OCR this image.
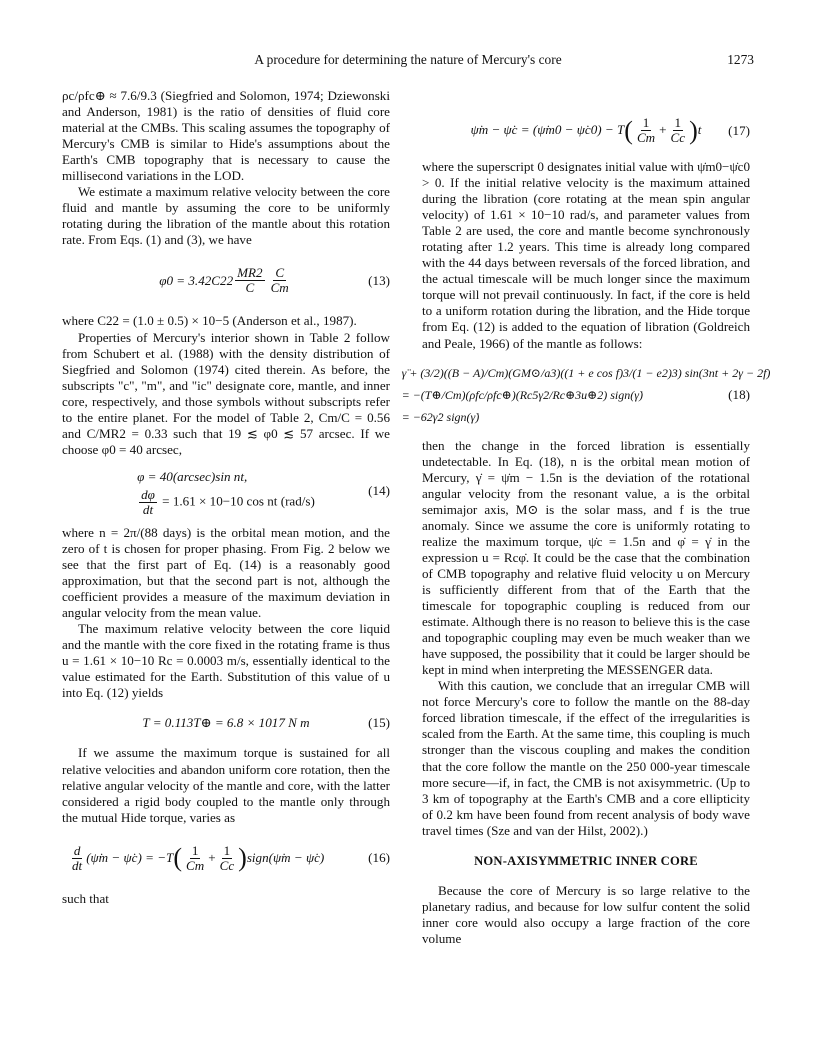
A procedure for determining the nature of Mercury's core	1273

ρc/ρfc⊕ ≈ 7.6/9.3 (Siegfried and Solomon, 1974; Dziewonski and Anderson, 1981) is the ratio of densities of fluid core material at the CMBs. This scaling assumes the topography of Mercury's CMB is similar to Hide's assumptions about the Earth's CMB topography that is necessary to cause the millisecond variations in the LOD.

We estimate a maximum relative velocity between the core fluid and mantle by assuming the core to be uniformly rotating during the libration of the mantle about this rotation rate. From Eqs. (1) and (3), we have

$\varphi 0 = 3.42C22 \frac{MR2}{C} \frac{C}{Cm}$	(13)

where C22 = (1.0 ± 0.5) × 10−5 (Anderson et al., 1987).

Properties of Mercury's interior shown in Table 2 follow from Schubert et al. (1988) with the density distribution of Siegfried and Solomon (1974) cited therein. As before, the subscripts "c", "m", and "ic" designate core, mantle, and inner core, respectively, and those symbols without subscripts refer to the entire planet. For the model of Table 2, Cm/C = 0.56 and C/MR2 = 0.33 such that 19 ≲ φ0 ≲ 57 arcsec. If we choose φ0 = 40 arcsec,

φ = 40(arcsec)sin nt,
$\frac{d\varphi}{dt} = 1.61 \times 10-10$ cos nt (rad/s)
(14)

where n = 2π/(88 days) is the orbital mean motion, and the zero of t is chosen for proper phasing. From Fig. 2 below we see that the first part of Eq. (14) is a reasonably good approximation, but that the second part is not, although the coefficient provides a measure of the maximum deviation in angular velocity from the mean value.

The maximum relative velocity between the core liquid and the mantle with the core fixed in the rotating frame is thus u = 1.61 × 10−10 Rc = 0.0003 m/s, essentially identical to the value estimated for the Earth. Substitution of this value of u into Eq. (12) yields

T = 0.113T⊕ = 6.8 × 1017 N m	(15)

If we assume the maximum torque is sustained for all relative velocities and abandon uniform core rotation, then the relative angular velocity of the mantle and core, with the latter considered a rigid body coupled to the mantle only through the mutual Hide torque, varies as

$\frac{d}{dt}$ (ψ̇m − ψ̇c) = −T ( $\frac{1}{Cm} + \frac{1}{Cc}$ ) sign(ψ̇m − ψ̇c)	(16)

such that

ψ̇m − ψ̇c = (ψ̇m0 − ψ̇c0) − T ( $\frac{1}{Cm} + \frac{1}{Cc}$ ) t (17)

where the superscript 0 designates initial value with ψ̇m0−ψ̇c0 > 0. If the initial relative velocity is the maximum attained during the libration (core rotating at the mean spin angular velocity) of 1.61 × 10−10 rad/s, and parameter values from Table 2 are used, the core and mantle become synchronously rotating after 1.2 years. This time is already long compared with the 44 days between reversals of the forced libration, and the actual timescale will be much longer since the maximum torque will not prevail continuously. In fact, if the core is held to a uniform rotation during the libration, and the Hide torque from Eq. (12) is added to the equation of libration (Goldreich and Peale, 1966) of the mantle as follows:

γ̈ + (3/2)((B − A)/Cm)(GM⊙/a3)((1 + e cos f)3/(1 − e2)3) sin(3nt + 2γ − 2f)
= −(T⊕/Cm)(ρfc/ρfc⊕)(Rc5γ̇2/Rc⊕3u⊕2) sign(γ̇)
= −62γ̇2 sign(γ̇)
(18)

then the change in the forced libration is essentially undetectable. In Eq. (18), n is the orbital mean motion of Mercury, γ̇ = ψ̇m − 1.5n is the deviation of the rotational angular velocity from the resonant value, a is the orbital semimajor axis, M⊙ is the solar mass, and f is the true anomaly. Since we assume the core is uniformly rotating to realize the maximum torque, ψ̇c = 1.5n and φ̇ = γ̇ in the expression u = Rcφ̇. It could be the case that the combination of CMB topography and relative fluid velocity u on Mercury is sufficiently different from that of the Earth that the timescale for topographic coupling is reduced from our estimate. Although there is no reason to believe this is the case and topographic coupling may even be much weaker than we have supposed, the possibility that it could be larger should be kept in mind when interpreting the MESSENGER data.

With this caution, we conclude that an irregular CMB will not force Mercury's core to follow the mantle on the 88-day forced libration timescale, if the effect of the irregularities is scaled from the Earth. At the same time, this coupling is much stronger than the viscous coupling and makes the condition that the core follow the mantle on the 250 000-year timescale more secure—if, in fact, the CMB is not axisymmetric. (Up to 3 km of topography at the Earth's CMB and a core ellipticity of 0.2 km have been found from recent analysis of body wave travel times (Sze and van der Hilst, 2002).)

NON-AXISYMMETRIC INNER CORE

Because the core of Mercury is so large relative to the planetary radius, and because for low sulfur content the solid inner core would also occupy a large fraction of the core volume
